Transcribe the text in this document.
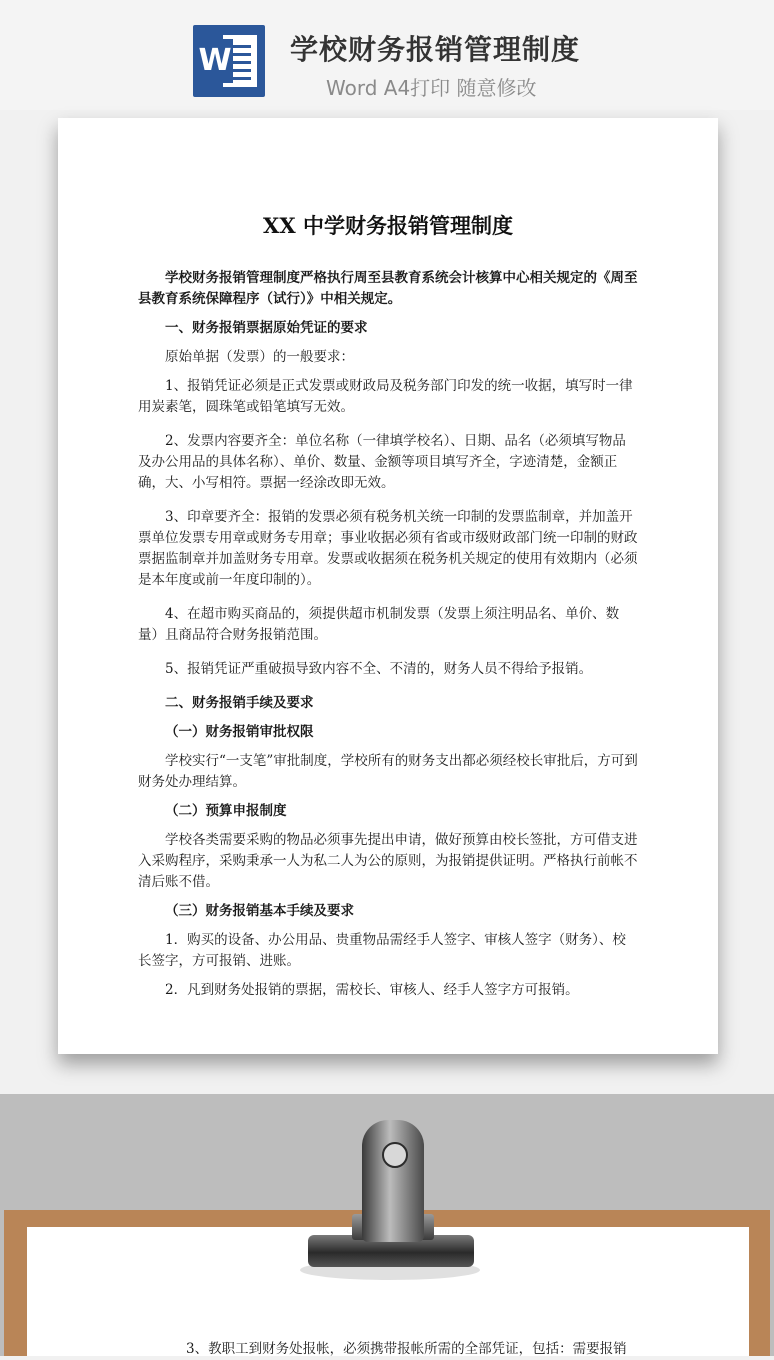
W 学校财务报销管理制度
Word A4打印 随意修改
XX 中学财务报销管理制度

学校财务报销管理制度严格执行周至县教育系统会计核算中心相关规定的《周至县教育系统保障程序（试行）》中相关规定。

一、财务报销票据原始凭证的要求

原始单据（发票）的一般要求：

1、报销凭证必须是正式发票或财政局及税务部门印发的统一收据，填写时一律用炭素笔，圆珠笔或铅笔填写无效。

2、发票内容要齐全：单位名称（一律填学校名）、日期、品名（必须填写物品及办公用品的具体名称）、单价、数量、金额等项目填写齐全，字迹清楚，金额正确，大、小写相符。票据一经涂改即无效。

3、印章要齐全：报销的发票必须有税务机关统一印制的发票监制章，并加盖开票单位发票专用章或财务专用章；事业收据必须有省或市级财政部门统一印制的财政票据监制章并加盖财务专用章。发票或收据须在税务机关规定的使用有效期内（必须是本年度或前一年度印制的）。

4、在超市购买商品的，须提供超市机制发票（发票上须注明品名、单价、数量）且商品符合财务报销范围。

5、报销凭证严重破损导致内容不全、不清的，财务人员不得给予报销。

二、财务报销手续及要求

（一）财务报销审批权限

学校实行“一支笔”审批制度，学校所有的财务支出都必须经校长审批后，方可到财务处办理结算。

（二）预算申报制度

学校各类需要采购的物品必须事先提出申请，做好预算由校长签批，方可借支进入采购程序，采购秉承一人为私二人为公的原则，为报销提供证明。严格执行前帐不清后账不借。

（三）财务报销基本手续及要求

1．购买的设备、办公用品、贵重物品需经手人签字、审核人签字（财务）、校长签字，方可报销、进账。

2．凡到财务处报销的票据，需校长、审核人、经手人签字方可报销。

3、教职工到财务处报帐，必须携带报帐所需的全部凭证，包括：需要报销
